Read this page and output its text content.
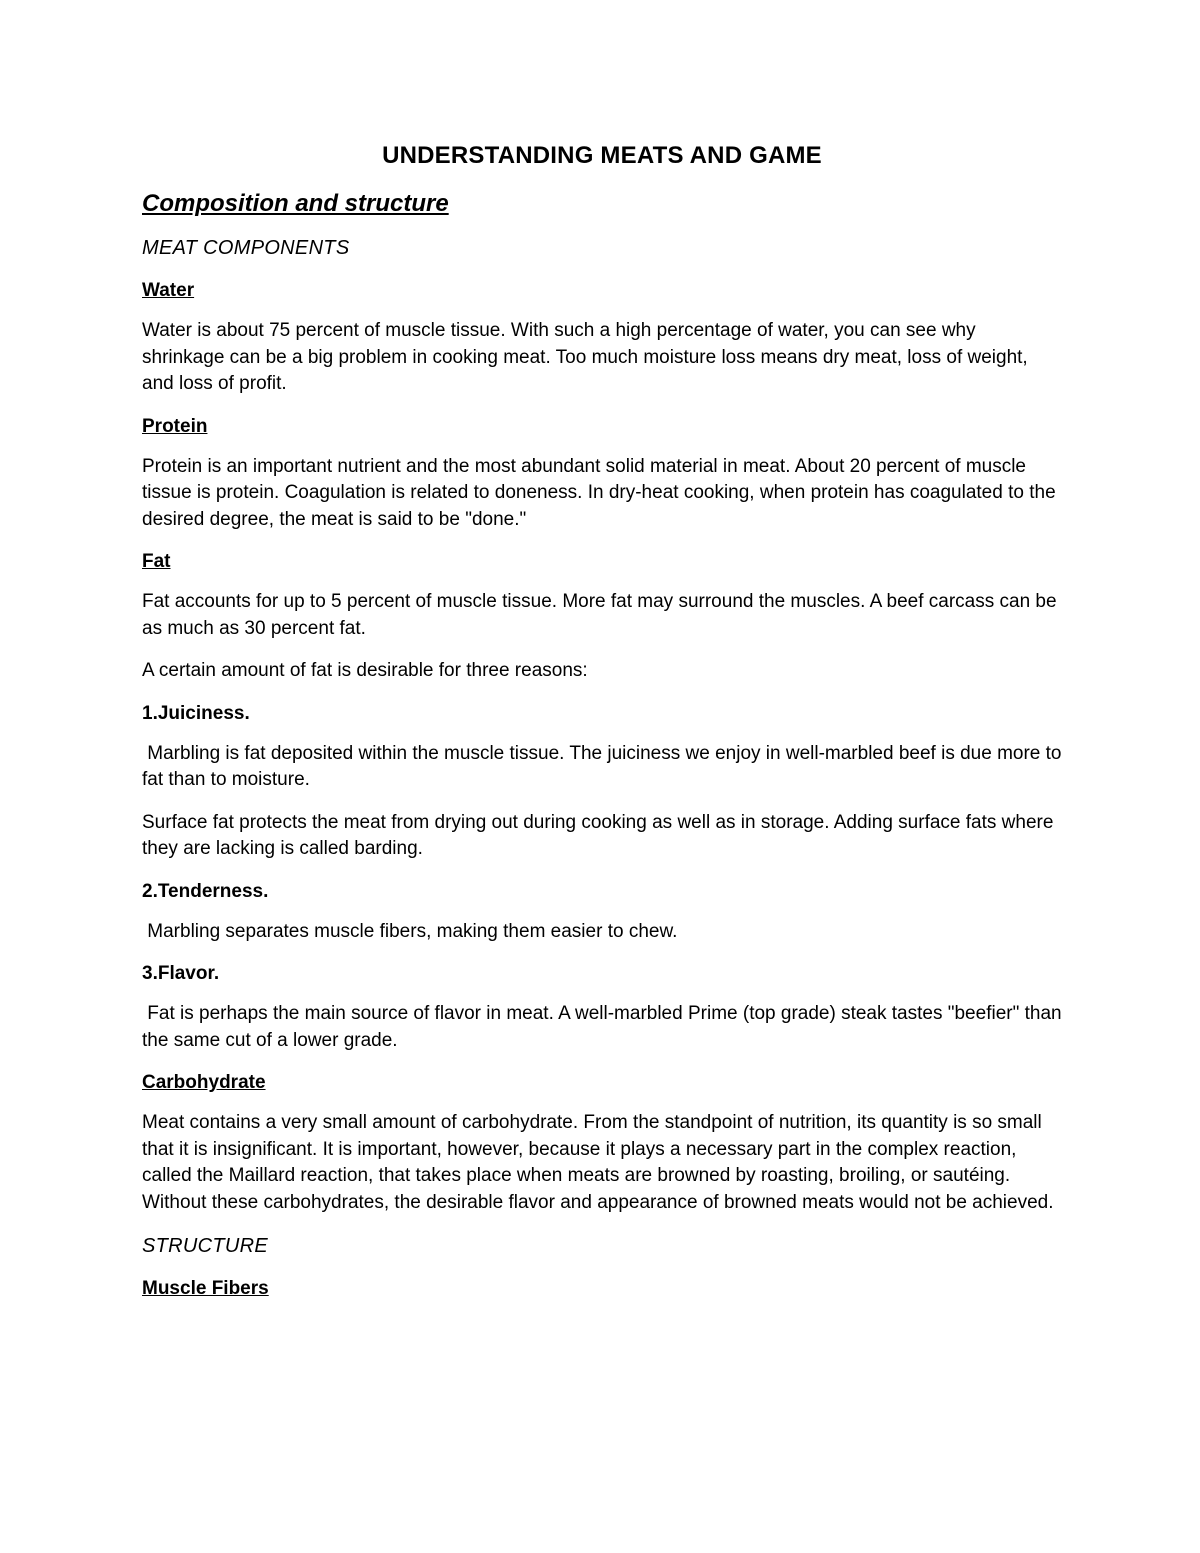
UNDERSTANDING MEATS AND GAME
Composition and structure
MEAT COMPONENTS
Water

Water is about 75 percent of muscle tissue. With such a high percentage of water, you can see why shrinkage can be a big problem in cooking meat. Too much moisture loss means dry meat, loss of weight, and loss of profit.

Protein

Protein is an important nutrient and the most abundant solid material in meat. About 20 percent of muscle tissue is protein. Coagulation is related to doneness. In dry-heat cooking, when protein has coagulated to the desired degree, the meat is said to be "done."

Fat

Fat accounts for up to 5 percent of muscle tissue. More fat may surround the muscles. A beef carcass can be as much as 30 percent fat.

A certain amount of fat is desirable for three reasons:

1.Juiciness.

Marbling is fat deposited within the muscle tissue. The juiciness we enjoy in well-marbled beef is due more to fat than to moisture.

Surface fat protects the meat from drying out during cooking as well as in storage. Adding surface fats where they are lacking is called barding.

2.Tenderness.

Marbling separates muscle fibers, making them easier to chew.

3.Flavor.

Fat is perhaps the main source of flavor in meat. A well-marbled Prime (top grade) steak tastes "beefier" than the same cut of a lower grade.

Carbohydrate

Meat contains a very small amount of carbohydrate. From the standpoint of nutrition, its quantity is so small that it is insignificant. It is important, however, because it plays a necessary part in the complex reaction, called the Maillard reaction, that takes place when meats are browned by roasting, broiling, or sautéing. Without these carbohydrates, the desirable flavor and appearance of browned meats would not be achieved.

STRUCTURE
Muscle Fibers
